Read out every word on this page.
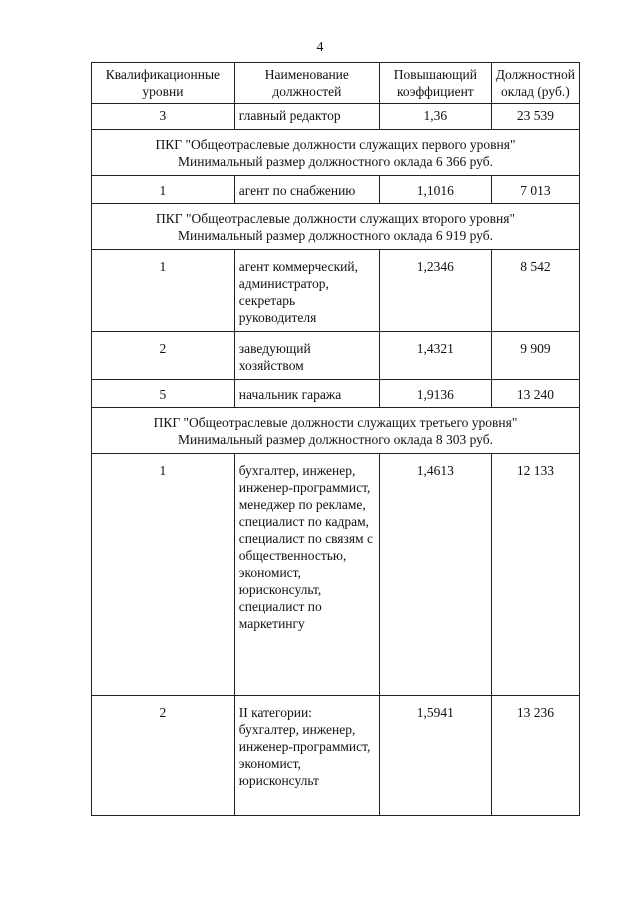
4
Квалификационные уровни	Наименование должностей	Повышающий коэффициент	Должностной оклад (руб.)
3	главный редактор	1,36	23 539

ПКГ "Общеотраслевые должности служащих первого уровня"
Минимальный размер должностного оклада 6 366 руб.			

1	агент по снабжению	1,1016	7 013

ПКГ "Общеотраслевые должности служащих второго уровня"
Минимальный размер должностного оклада 6 919 руб.			

1	агент коммерческий, администратор, секретарь руководителя	1,2346	8 542
2	заведующий хозяйством	1,4321	9 909
5	начальник гаража	1,9136	13 240

ПКГ "Общеотраслевые должности служащих третьего уровня"
Минимальный размер должностного оклада 8 303 руб.			

1	бухгалтер, инженер, инженер-программист, менеджер по рекламе, специалист по кадрам, специалист по связям с общественностью, экономист, юрисконсульт, специалист по маркетингу	1,4613	12 133
2	II категории: бухгалтер, инженер, инженер-программист, экономист, юрисконсульт	1,5941	13 236
